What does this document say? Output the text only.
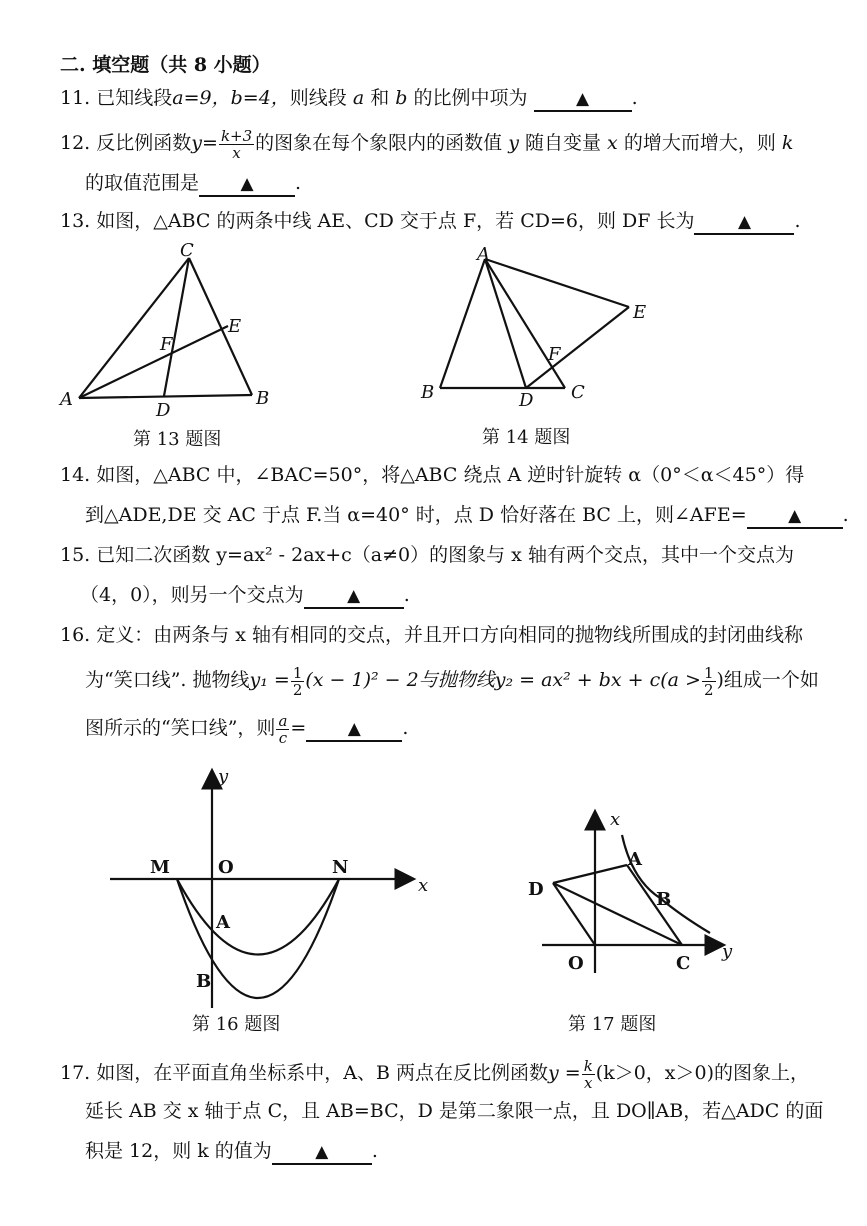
二. 填空题（共 8 小题）
11. 已知线段a=9，b=4，则线段 a 和 b 的比例中项为	▲ .
12. 反比例函数$y= \frac{k+3}{x}$ 的图象在每个象限内的函数值 y 随自变量 x 的增大而增大，则 k
的取值范围是 ▲ .
13. 如图，△ABC 的两条中线 AE、CD 交于点 F，若 CD=6，则 DF 长为	▲ .
C
E
F
A	B
D
第 13 题图
A
E
F
B	D C
第 14 题图
14. 如图，△ABC 中，∠BAC=50°，将△ABC 绕点 A 逆时针旋转 α（0°＜α＜45°）得
到△ADE,DE 交 AC 于点 F.当 α=40° 时，点 D 恰好落在 BC 上，则∠AFE= ▲ .
15. 已知二次函数 y=ax² - 2ax+c（a≠0）的图象与 x 轴有两个交点，其中一个交点为
（4，0），则另一个交点为	▲ .
16. 定义：由两条与 x 轴有相同的交点，并且开口方向相同的抛物线所围成的封闭曲线称
为“笑口线”. 抛物线$y_1 = \frac{1}{2} (x - 1)^2 - 2$与抛物线y₂ = ax² + bx + $c(a > \frac{1}{2}$ )组成一个如
图所示的“笑口线”，则 $\frac{a}{c}$ = ▲ .
y
M	O	N
x
A
B
第 16 题图
x
A
D	B
O	C
y
第 17 题图
17. 如图，在平面直角坐标系中，A、B 两点在反比例函数$y = \frac{k}{x} (k>0$，x＞0)的图象上，
延长 AB 交 x 轴于点 C，且 AB=BC，D 是第二象限一点，且 DO∥AB，若△ADC 的面
积是 12，则 k 的值为	▲ .
